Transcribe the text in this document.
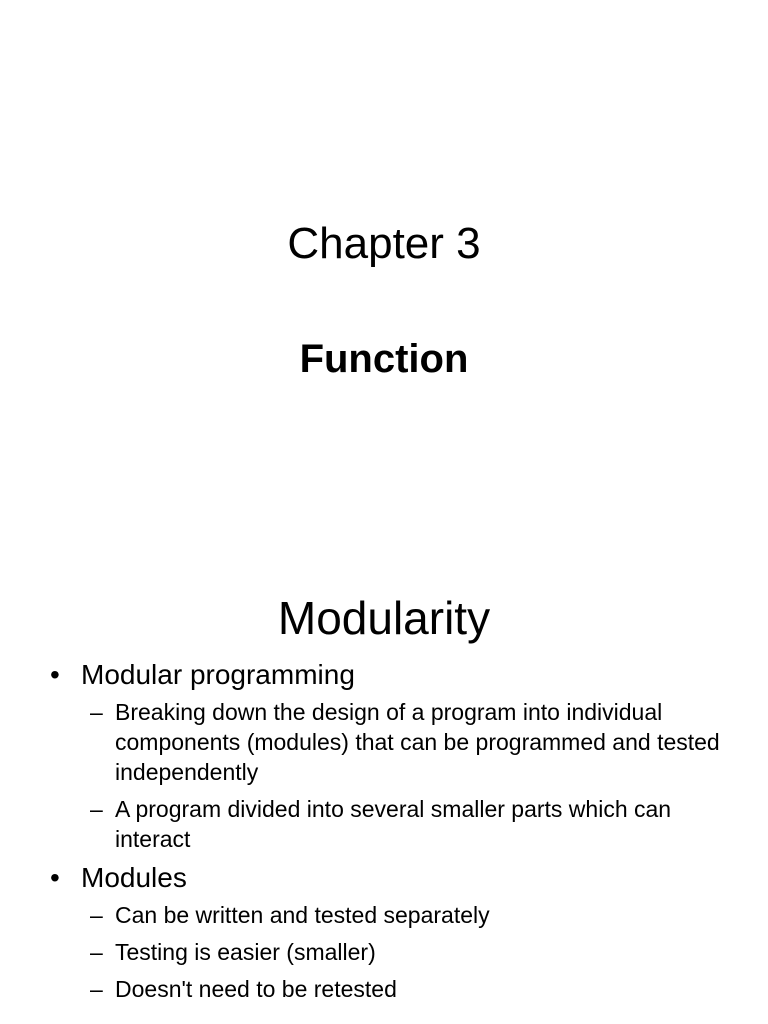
Chapter 3
Function
Modularity
• Modular programming
– Breaking down the design of a program into individual components (modules) that can be programmed and tested independently
– A program divided into several smaller parts which can interact
• Modules
– Can be written and tested separately
– Testing is easier (smaller)
– Doesn't need to be retested
